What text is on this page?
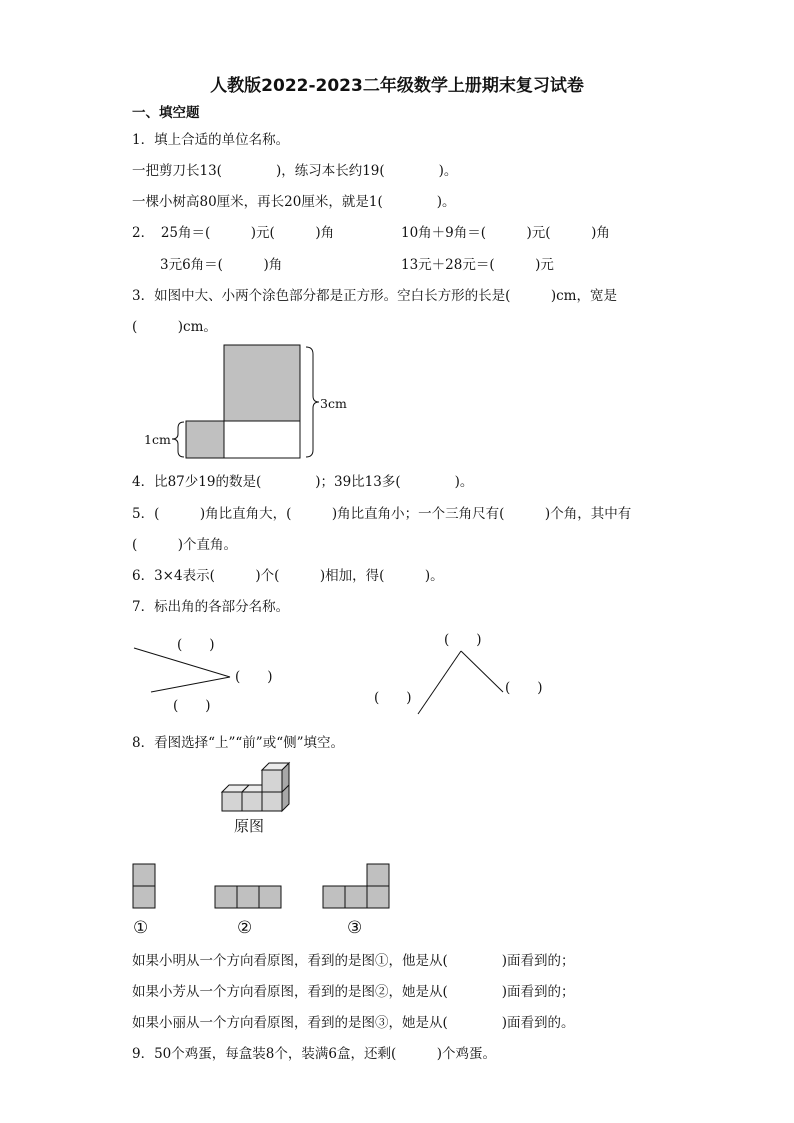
人教版2022-2023二年级数学上册期末复习试卷
一、填空题
1．填上合适的单位名称。
一把剪刀长13(　　　　)，练习本长约19(　　　　)。
一棵小树高80厘米，再长20厘米，就是1(　　　　)。
2．　25角＝(　　　)元(　　　)角	10角＋9角＝(　　　)元(　　　)角
3元6角＝(　　　)角	13元＋28元＝(　　　)元
3．如图中大、小两个涂色部分都是正方形。空白长方形的长是(　　　)cm，宽是
(　　　)cm。
3cm
1cm
4．比87少19的数是(　　　　)；39比13多(　　　　)。
5．(　　　)角比直角大，(　　　)角比直角小；一个三角尺有(　　　)个角，其中有
(　　　)个直角。
6．3×4表示(　　　)个(　　　)相加，得(　　　)。
7．标出角的各部分名称。
(　　)
(　　)
(　　)
(　　)
(　　)
(　　)
8．看图选择“上”“前”或“侧”填空。
原图
①	②	③
如果小明从一个方向看原图，看到的是图①，他是从(　　　　)面看到的；
如果小芳从一个方向看原图，看到的是图②，她是从(　　　　)面看到的；
如果小丽从一个方向看原图，看到的是图③，她是从(　　　　)面看到的。
9．50个鸡蛋，每盒装8个，装满6盒，还剩(　　　)个鸡蛋。
